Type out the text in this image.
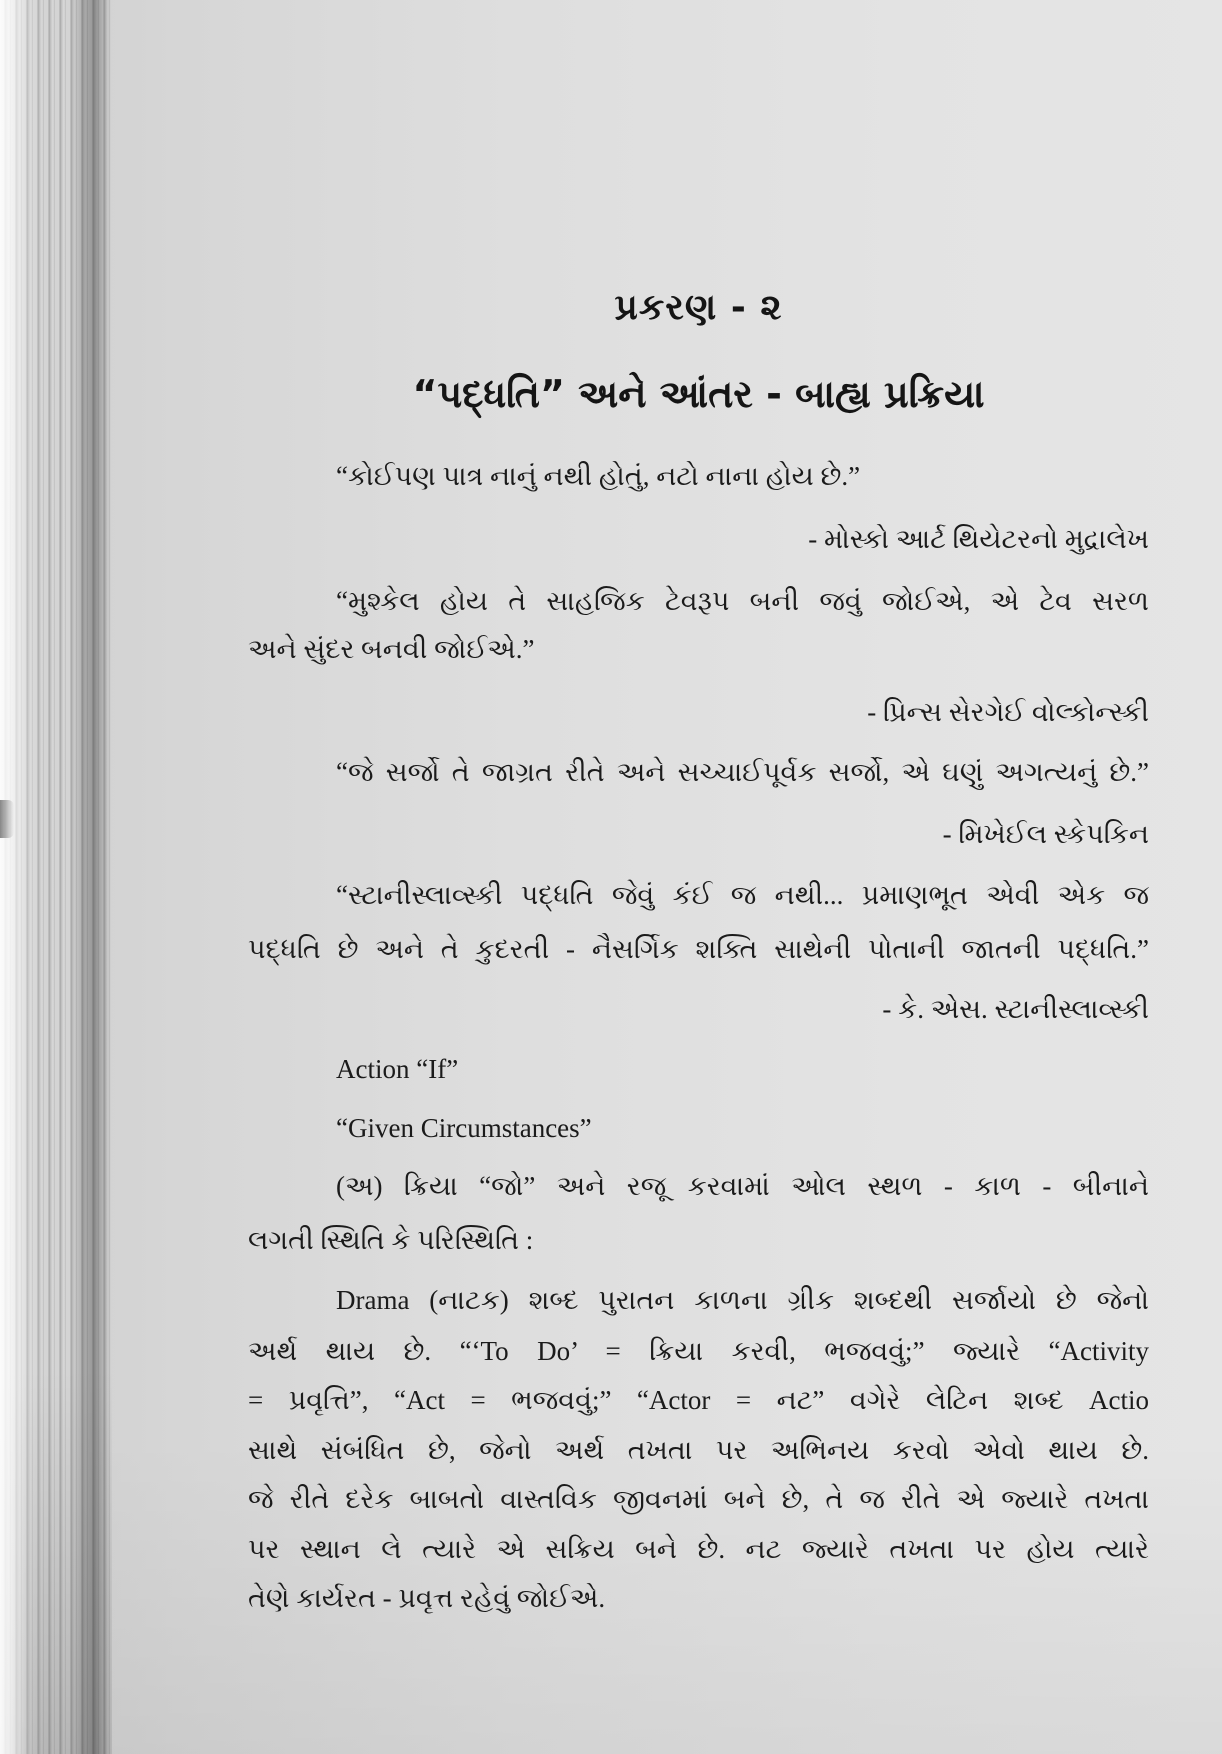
પ્રકરણ - ૨
“પદ્ધતિ” અને આંતર - બાહ્ય પ્રક્રિયા
“કોઈપણ પાત્ર નાનું નથી હોતું, નટો નાના હોય છે.”
- મોસ્કો આર્ટ થિયેટરનો મુદ્રાલેખ
“મુશ્કેલ હોય તે સાહજિક ટેવરૂપ બની જવું જોઈએ, એ ટેવ સરળ
અને સુંદર બનવી જોઈએ.”
- પ્રિન્સ સેરગેઈ વોલ્કોન્સ્કી
“જે સર્જો તે જાગ્રત રીતે અને સચ્ચાઈપૂર્વક સર્જો, એ ઘણું અગત્યનું છે.”
- મિખેઈલ સ્કેપકિન
“સ્ટાનીસ્લાવ્સ્કી પદ્ધતિ જેવું કંઈ જ નથી... પ્રમાણભૂત એવી એક જ
પદ્ધતિ છે અને તે કુદરતી - નૈસર્ગિક શક્તિ સાથેની પોતાની જાતની પદ્ધતિ.”
- કે. એસ. સ્ટાનીસ્લાવ્સ્કી
Action “If”
“Given Circumstances”
(અ) ક્રિયા “જો” અને રજૂ કરવામાં ઓલ સ્થળ - કાળ - બીનાને
લગતી સ્થિતિ કે પરિસ્થિતિ :
Drama (નાટક) શબ્દ પુરાતન કાળના ગ્રીક શબ્દથી સર્જાયો છે જેનો
અર્થ થાય છે. “‘To Do’ = ક્રિયા કરવી, ભજવવું;” જ્યારે “Activity
= પ્રવૃત્તિ”, “Act = ભજવવું;” “Actor = નટ” વગેરે લેટિન શબ્દ Actio
સાથે સંબંધિત છે, જેનો અર્થ તખતા પર અભિનય કરવો એવો થાય છે.
જે રીતે દરેક બાબતો વાસ્તવિક જીવનમાં બને છે, તે જ રીતે એ જ્યારે તખતા
પર સ્થાન લે ત્યારે એ સક્રિય બને છે. નટ જ્યારે તખતા પર હોય ત્યારે
તેણે કાર્યરત - પ્રવૃત્ત રહેવું જોઈએ.
